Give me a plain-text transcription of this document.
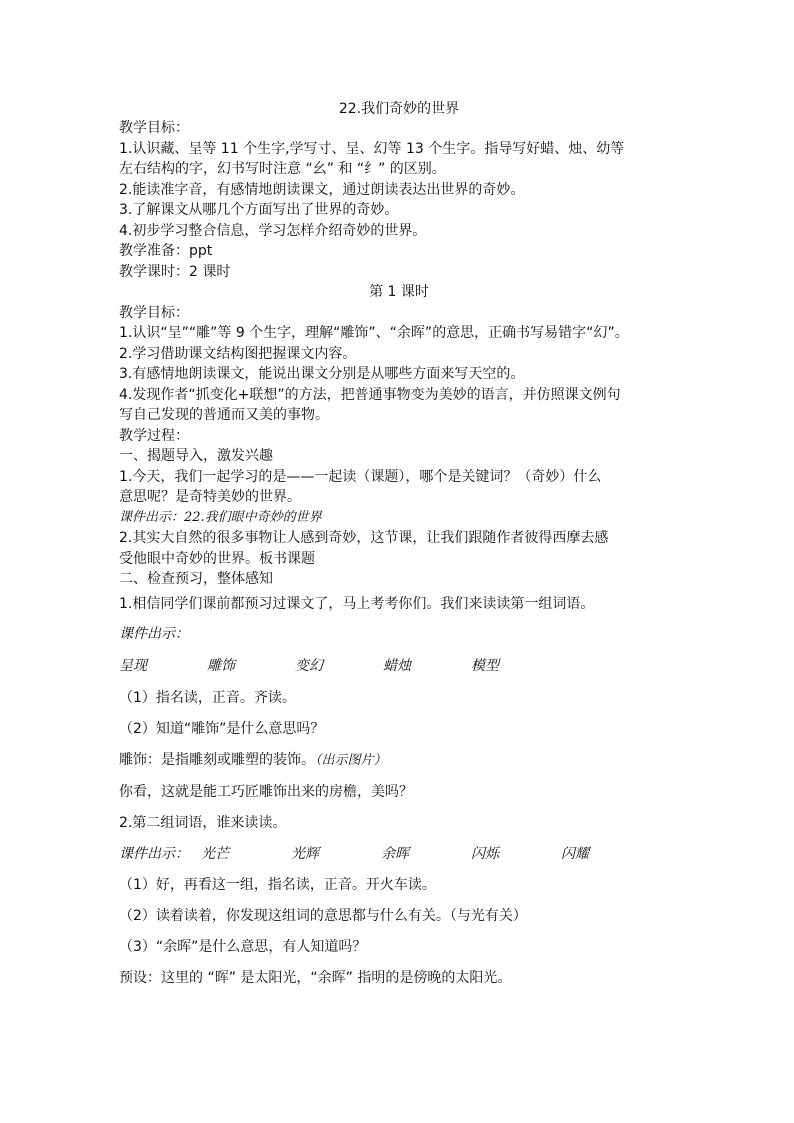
22.我们奇妙的世界
教学目标：
1.认识藏、呈等 11 个生字,学写寸、呈、幻等 13 个生字。指导写好蜡、烛、幼等
左右结构的字，幻书写时注意 “幺” 和 “纟” 的区别。
2.能读准字音，有感情地朗读课文，通过朗读表达出世界的奇妙。
3.了解课文从哪几个方面写出了世界的奇妙。
4.初步学习整合信息，学习怎样介绍奇妙的世界。
教学准备：ppt
教学课时：2 课时
第 1 课时
教学目标：
1.认识“呈”“雕”等 9 个生字，理解“雕饰”、“余晖”的意思，正确书写易错字“幻”。
2.学习借助课文结构图把握课文内容。
3.有感情地朗读课文，能说出课文分别是从哪些方面来写天空的。
4.发现作者“抓变化+联想”的方法，把普通事物变为美妙的语言，并仿照课文例句
写自己发现的普通而又美的事物。
教学过程：
一、揭题导入，激发兴趣
1.今天，我们一起学习的是——一起读（课题），哪个是关键词？（奇妙）什么
意思呢？是奇特美妙的世界。
课件出示：22.我们眼中奇妙的世界
2.其实大自然的很多事物让人感到奇妙，这节课，让我们跟随作者彼得西摩去感
受他眼中奇妙的世界。板书课题
二、检查预习，整体感知
1.相信同学们课前都预习过课文了，马上考考你们。我们来读读第一组词语。
课件出示：
呈现	雕饰	变幻	蜡烛	模型
（1）指名读，正音。齐读。
（2）知道“雕饰”是什么意思吗？
雕饰：是指雕刻或雕塑的装饰。（出示图片）
你看，这就是能工巧匠雕饰出来的房檐，美吗？
2.第二组词语，谁来读读。
课件出示： 光芒	光辉	余晖	闪烁	闪耀
（1）好，再看这一组，指名读，正音。开火车读。
（2）读着读着，你发现这组词的意思都与什么有关。（与光有关）
（3）“余晖”是什么意思，有人知道吗？
预设：这里的 “晖” 是太阳光，“余晖” 指明的是傍晚的太阳光。
